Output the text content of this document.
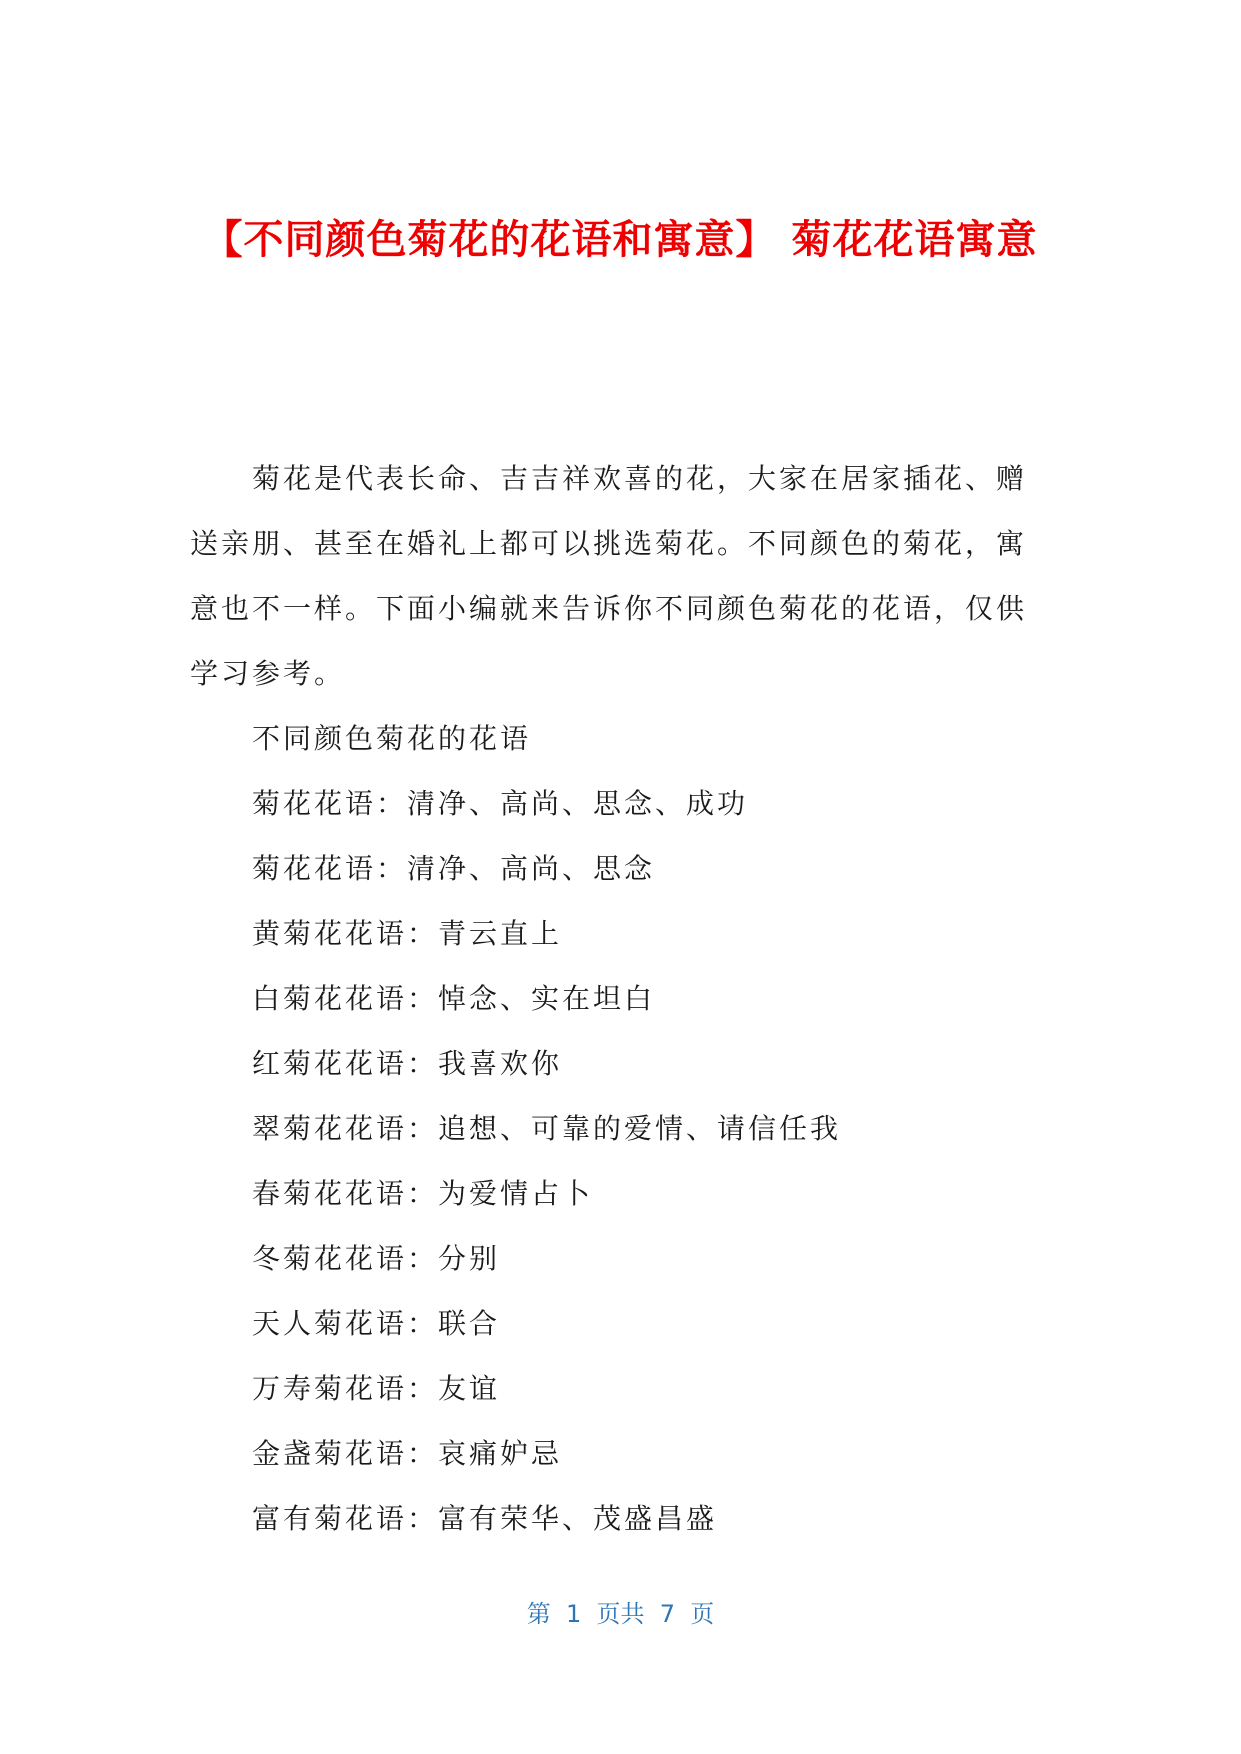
【不同颜色菊花的花语和寓意】 菊花花语寓意

菊花是代表长命、吉吉祥欢喜的花，大家在居家插花、赠送亲朋、甚至在婚礼上都可以挑选菊花。不同颜色的菊花，寓意也不一样。下面小编就来告诉你不同颜色菊花的花语，仅供学习参考。

不同颜色菊花的花语

菊花花语：清净、高尚、思念、成功

菊花花语：清净、高尚、思念

黄菊花花语：青云直上

白菊花花语：悼念、实在坦白

红菊花花语：我喜欢你

翠菊花花语：追想、可靠的爱情、请信任我

春菊花花语：为爱情占卜

冬菊花花语：分别

天人菊花语：联合

万寿菊花语：友谊

金盏菊花语：哀痛妒忌

富有菊花语：富有荣华、茂盛昌盛

第  1  页共  7  页
